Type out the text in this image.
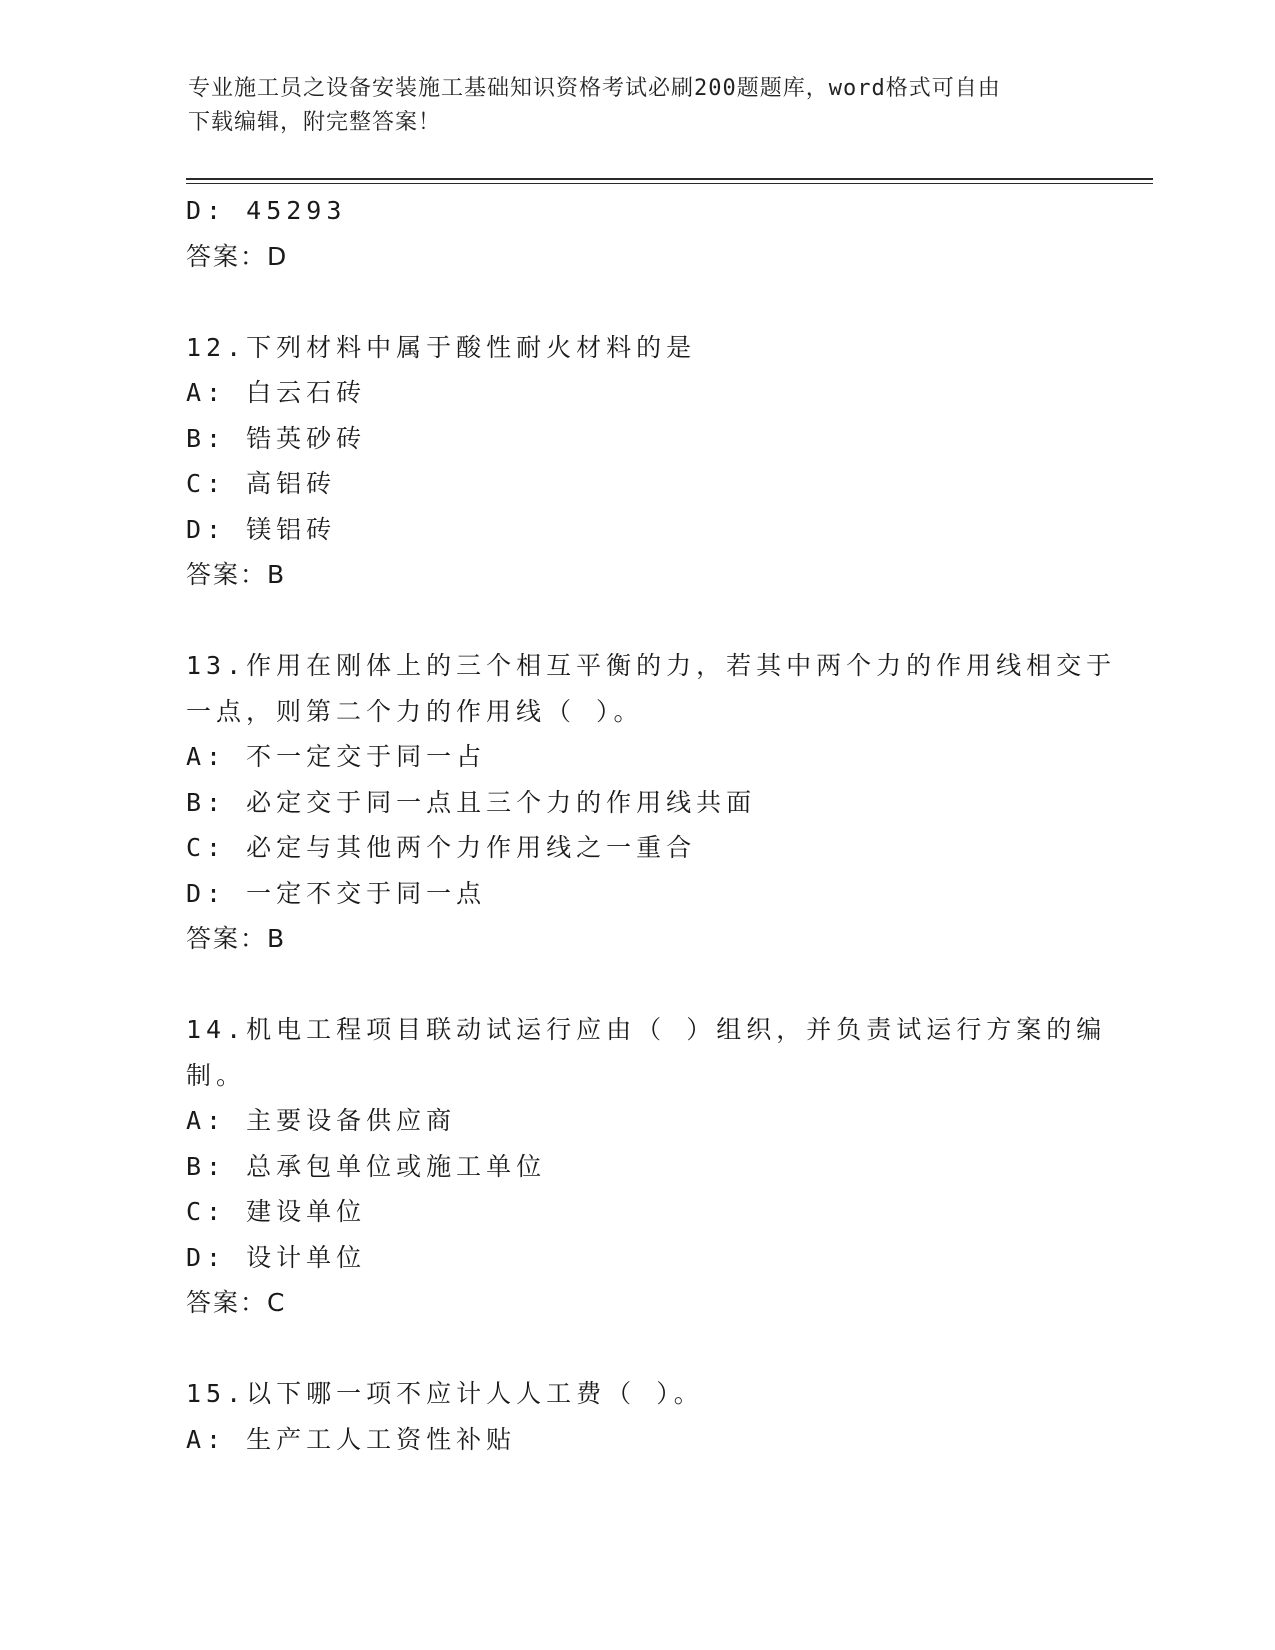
专业施工员之设备安装施工基础知识资格考试必刷200题题库，word格式可自由
下载编辑，附完整答案！
D: 45293
答案：D
12.下列材料中属于酸性耐火材料的是
A: 白云石砖
B: 锆英砂砖
C: 高铝砖
D: 镁铝砖
答案：B
13.作用在刚体上的三个相互平衡的力，若其中两个力的作用线相交于
一点，则第二个力的作用线（ ）。
A: 不一定交于同一占
B: 必定交于同一点且三个力的作用线共面
C: 必定与其他两个力作用线之一重合
D: 一定不交于同一点
答案：B
14.机电工程项目联动试运行应由（ ）组织，并负责试运行方案的编
制。
A: 主要设备供应商
B: 总承包单位或施工单位
C: 建设单位
D: 设计单位
答案：C
15.以下哪一项不应计人人工费（ ）。
A: 生产工人工资性补贴
